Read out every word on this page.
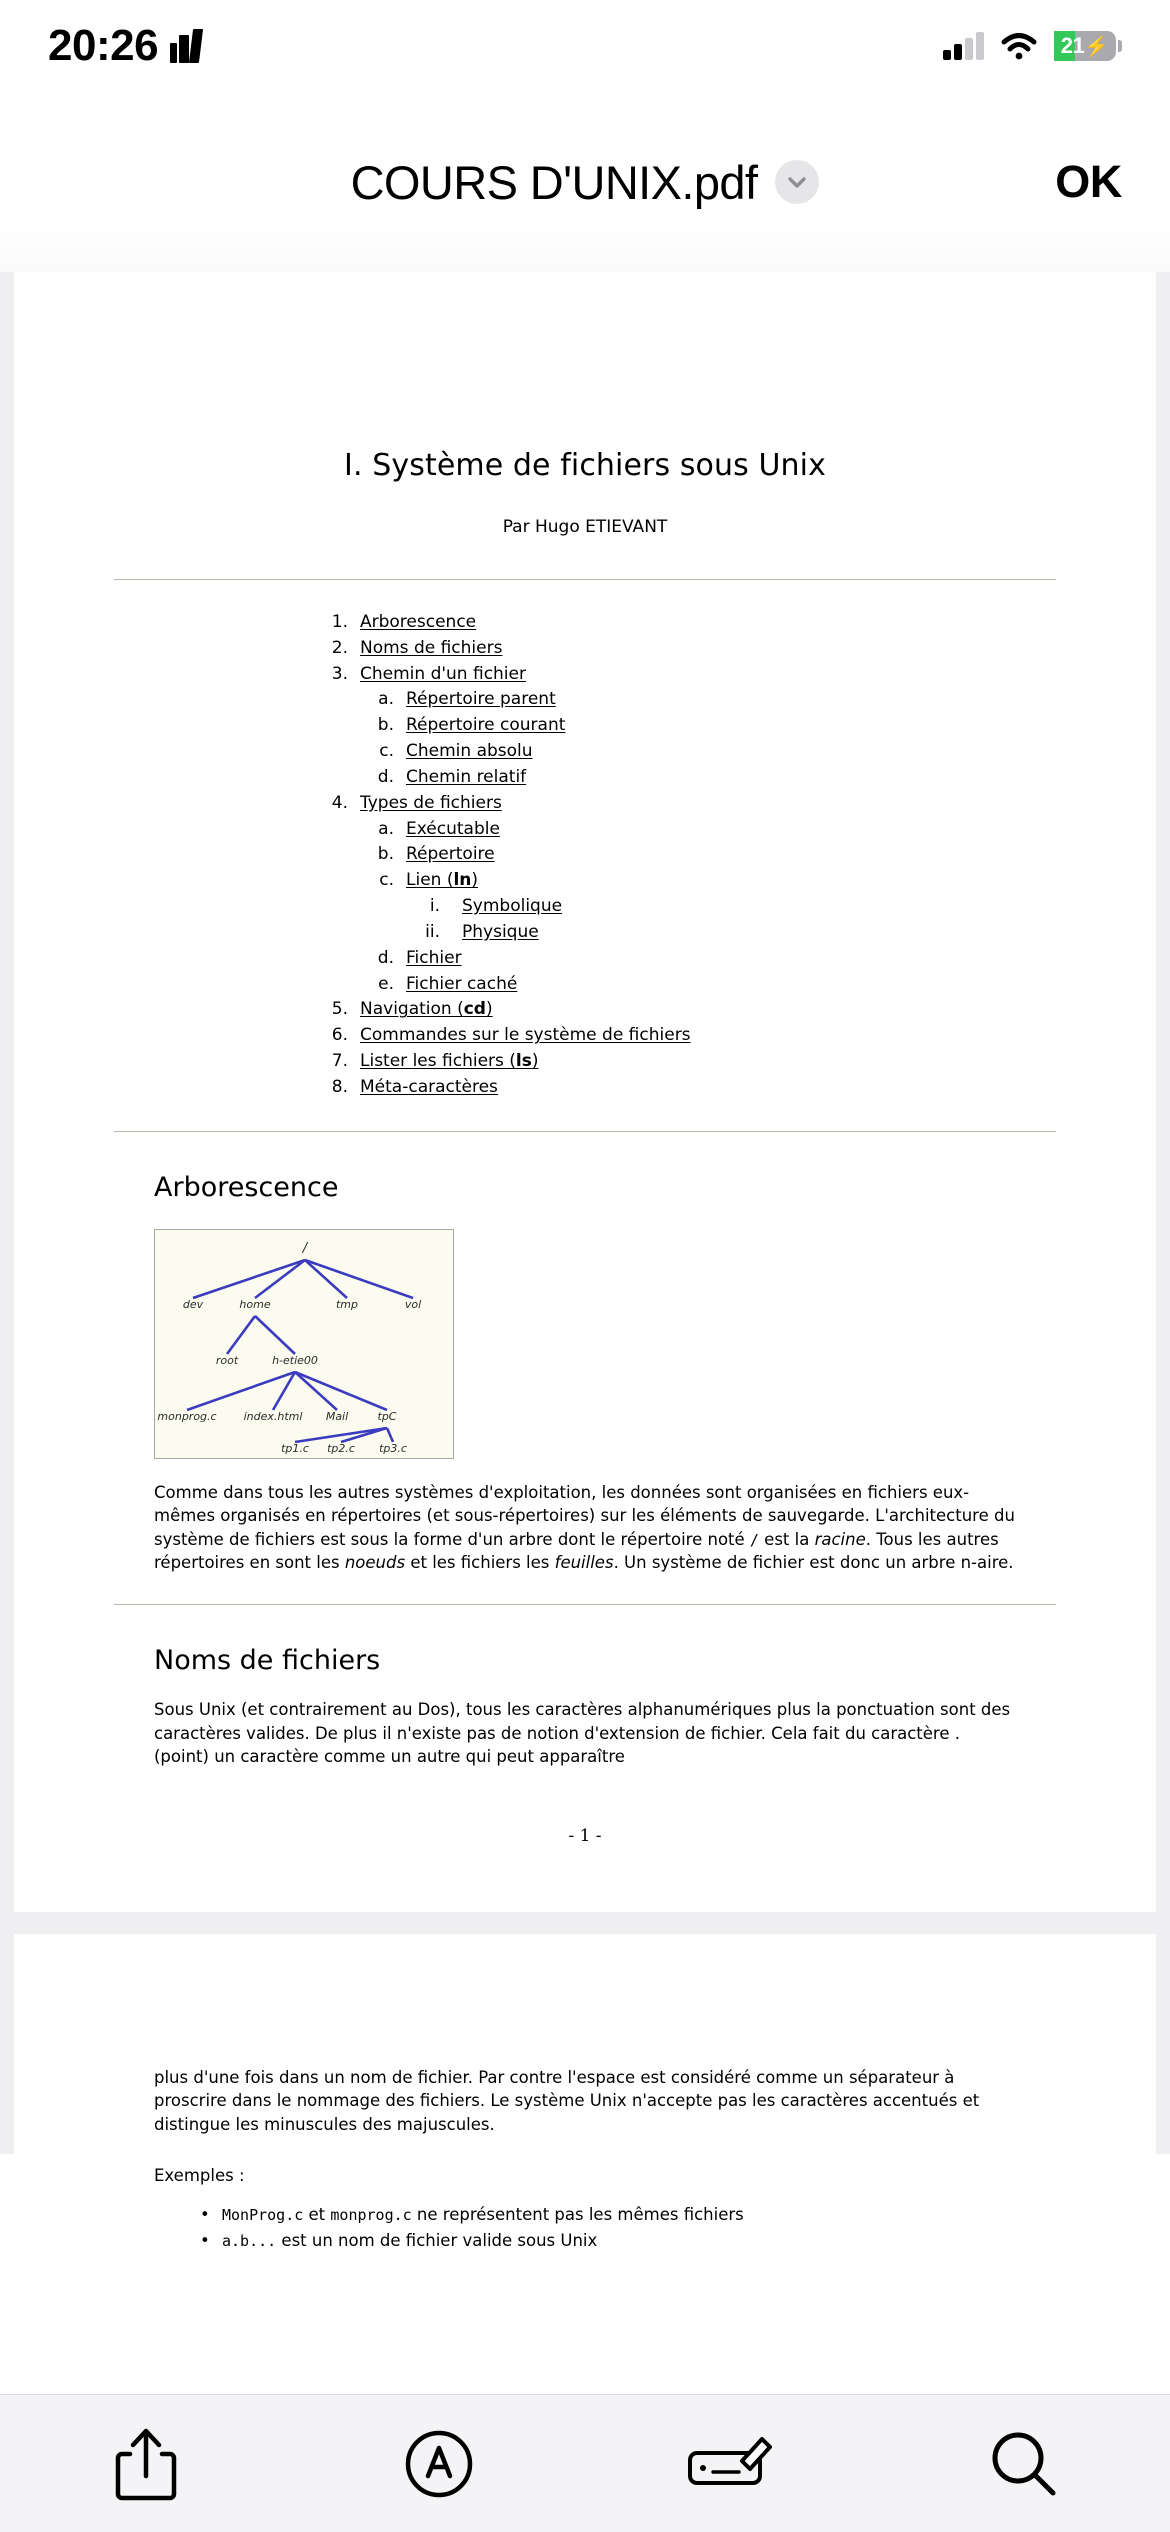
20:26	21 ⚡
COURS D'UNIX.pdf	OK
I. Système de fichiers sous Unix
Par Hugo ETIEVANT
1. Arborescence
2. Noms de fichiers
3. Chemin d'un fichier
a. Répertoire parent
b. Répertoire courant
c. Chemin absolu
d. Chemin relatif
4. Types de fichiers
a. Exécutable
b. Répertoire
c. Lien (ln)
i. Symbolique
ii. Physique
d. Fichier
e. Fichier caché
5. Navigation (cd)
6. Commandes sur le système de fichiers
7. Lister les fichiers (ls)
8. Méta-caractères
Arborescence
/
dev	home	tmp	vol
root	h-etie00
monprog.c index.html Mail	tpC
tp1.c tp2.c tp3.c
Comme dans tous les autres systèmes d'exploitation, les données sont organisées en fichiers eux-mêmes organisés en répertoires (et sous-répertoires) sur les éléments de sauvegarde. L'architecture du système de fichiers est sous la forme d'un arbre dont le répertoire noté / est la racine. Tous les autres répertoires en sont les noeuds et les fichiers les feuilles. Un système de fichier est donc un arbre n-aire.
Noms de fichiers
Sous Unix (et contrairement au Dos), tous les caractères alphanumériques plus la ponctuation sont des caractères valides. De plus il n'existe pas de notion d'extension de fichier. Cela fait du caractère . (point) un caractère comme un autre qui peut apparaître
- 1 -
plus d'une fois dans un nom de fichier. Par contre l'espace est considéré comme un séparateur à proscrire dans le nommage des fichiers. Le système Unix n'accepte pas les caractères accentués et distingue les minuscules des majuscules.
Exemples :
• MonProg.c et monprog.c ne représentent pas les mêmes fichiers
• a.b... est un nom de fichier valide sous Unix
